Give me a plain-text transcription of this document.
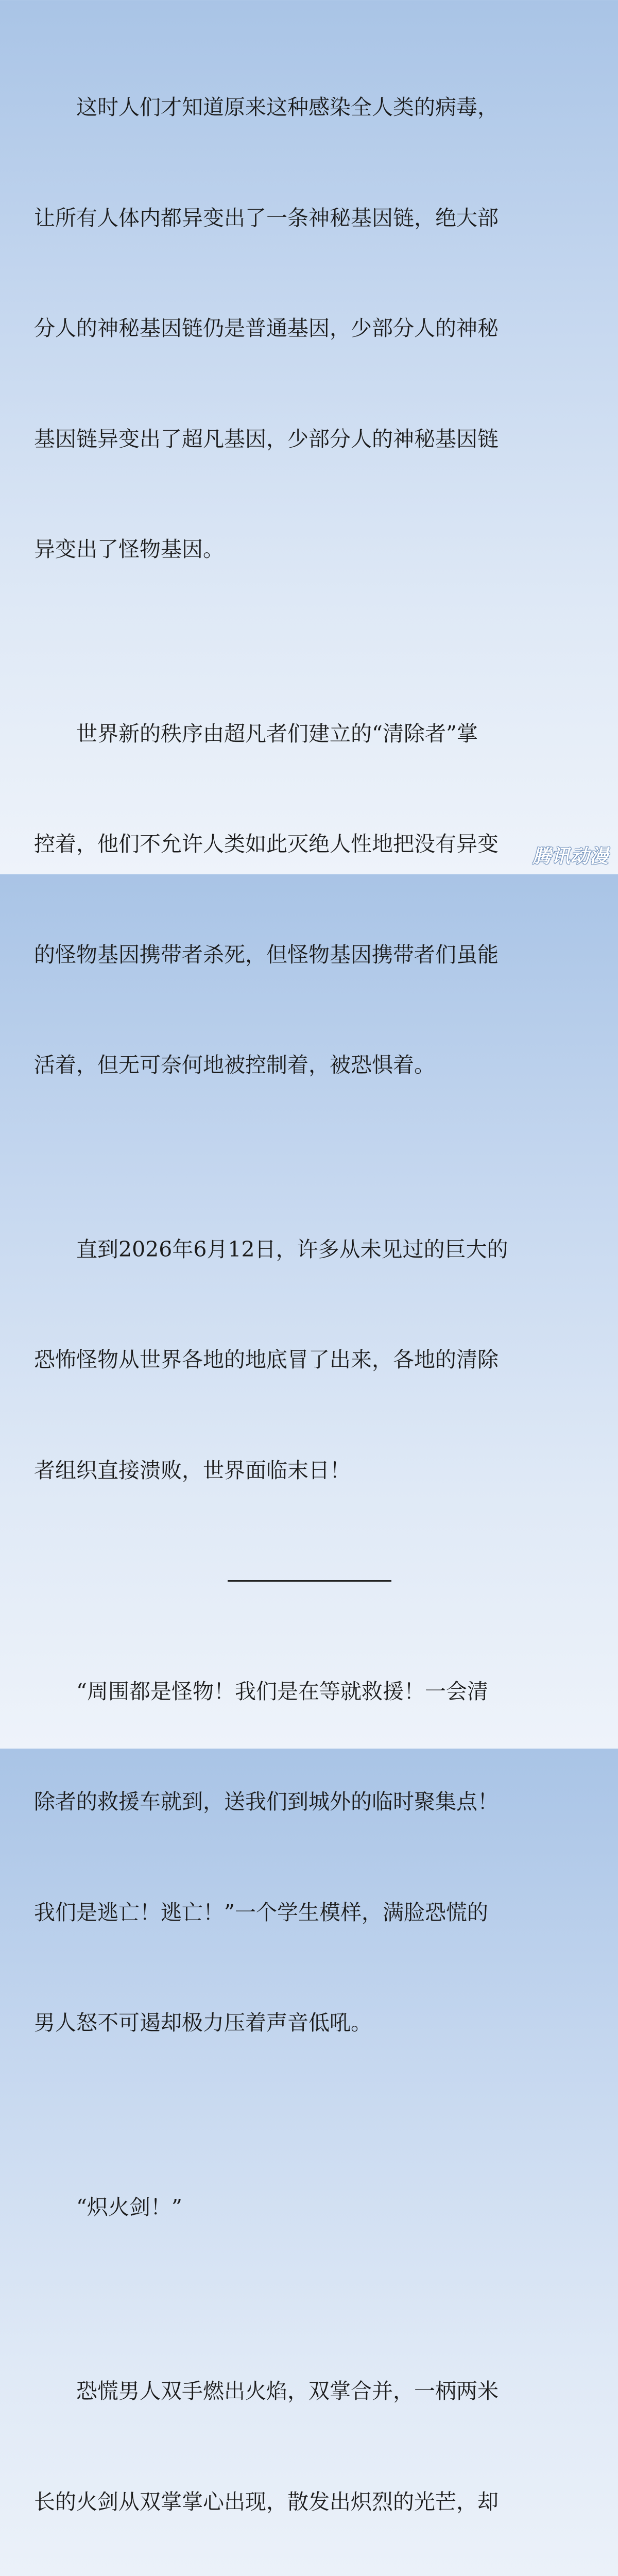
这时人们才知道原来这种感染全人类的病毒，

让所有人体内都异变出了一条神秘基因链，绝大部

分人的神秘基因链仍是普通基因，少部分人的神秘

基因链异变出了超凡基因，少部分人的神秘基因链

异变出了怪物基因。

世界新的秩序由超凡者们建立的“清除者”掌

控着，他们不允许人类如此灭绝人性地把没有异变

的怪物基因携带者杀死，但怪物基因携带者们虽能

活着，但无可奈何地被控制着，被恐惧着。

直到2026年6月12日，许多从未见过的巨大的

恐怖怪物从世界各地的地底冒了出来，各地的清除

者组织直接溃败，世界面临末日！

“周围都是怪物！我们是在等就救援！一会清

除者的救援车就到，送我们到城外的临时聚集点！

我们是逃亡！逃亡！”一个学生模样，满脸恐慌的

男人怒不可遏却极力压着声音低吼。

“炽火剑！”

恐慌男人双手燃出火焰，双掌合并，一柄两米

长的火剑从双掌掌心出现，散发出炽烈的光芒，却

腾讯动漫
